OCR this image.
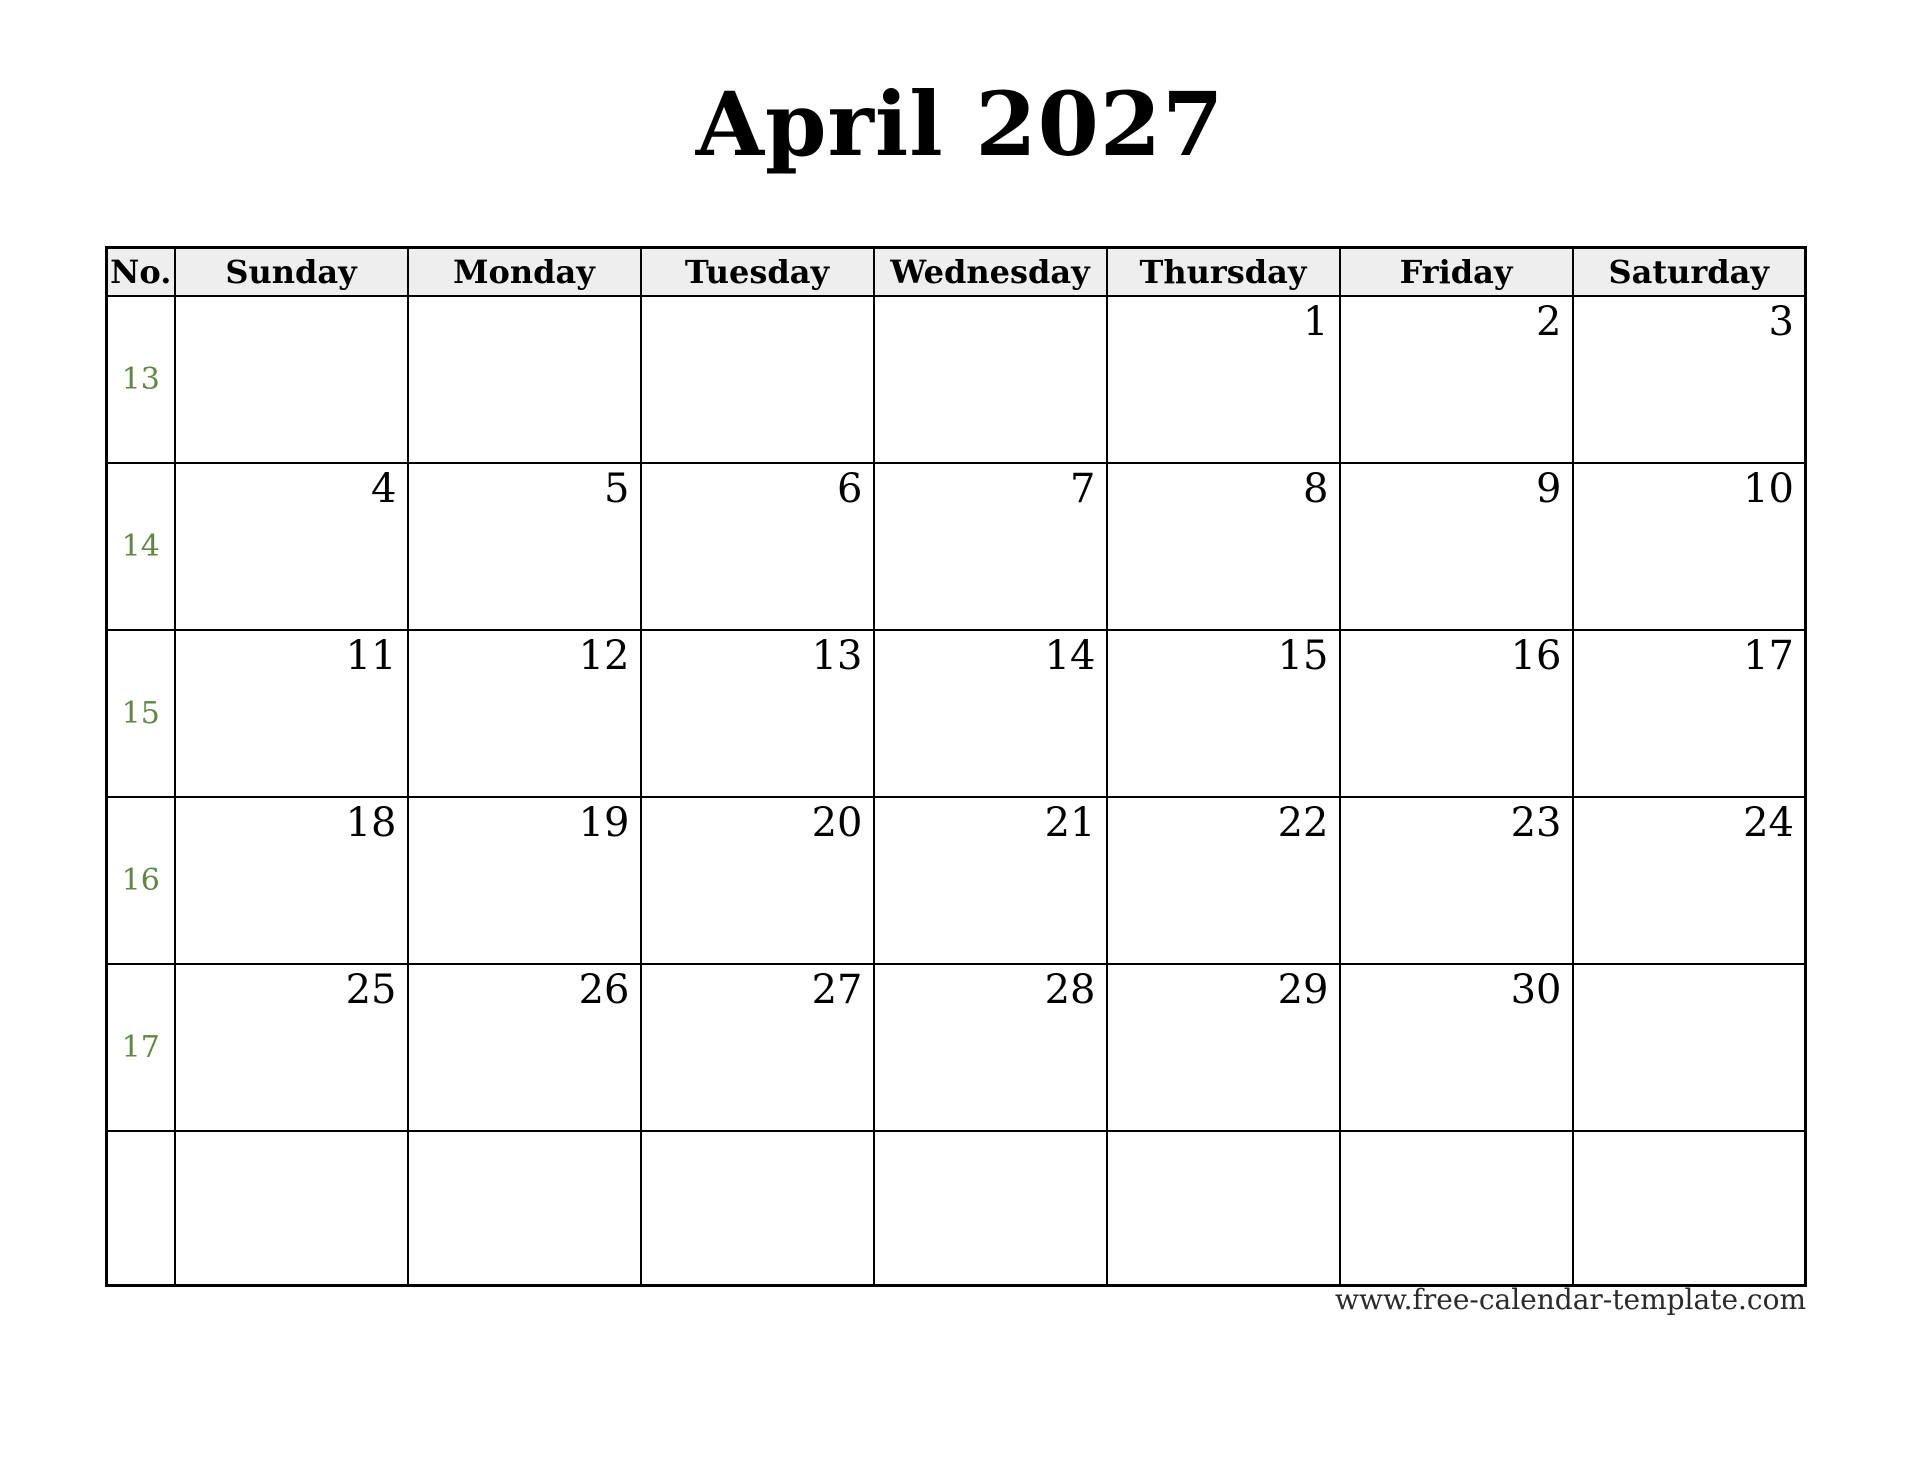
April 2027
No.	Sunday	Monday	Tuesday	Wednesday	Thursday	Friday	Saturday
13					1	2	3
14	4	5	6	7	8	9	10
15	11	12	13	14	15	16	17
16	18	19	20	21	22	23	24
17	25	26	27	28	29	30	

www.free-calendar-template.com
